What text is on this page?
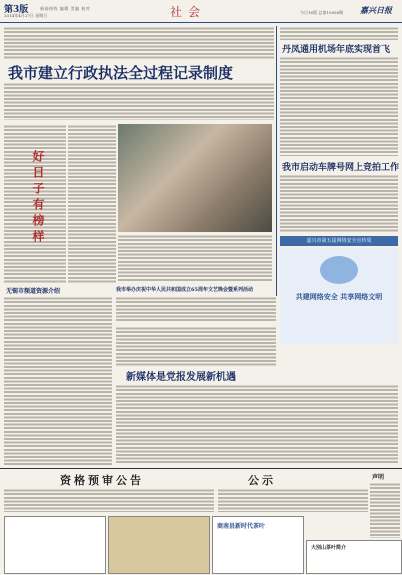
第3版
2014年4月27日 星期日
新闻热线 编辑 美编 校对	社会	今日16版 总第10858期 嘉兴日报
我市建立行政执法全过程记录制度
好日子有榜样
丹凤通用机场年底实现首飞
我市启动车牌号网上竞拍工作
嘉兴市第五届网络安全宣传周
共建网络安全 共享网络文明
无锡市频道资源介绍	我市举办庆祝中华人民共和国成立65周年文艺晚会暨系列活动
新媒体是党报发展新机遇
资格预审公告	公示	声明
商南县新时代茶叶
大别山茶叶简介
